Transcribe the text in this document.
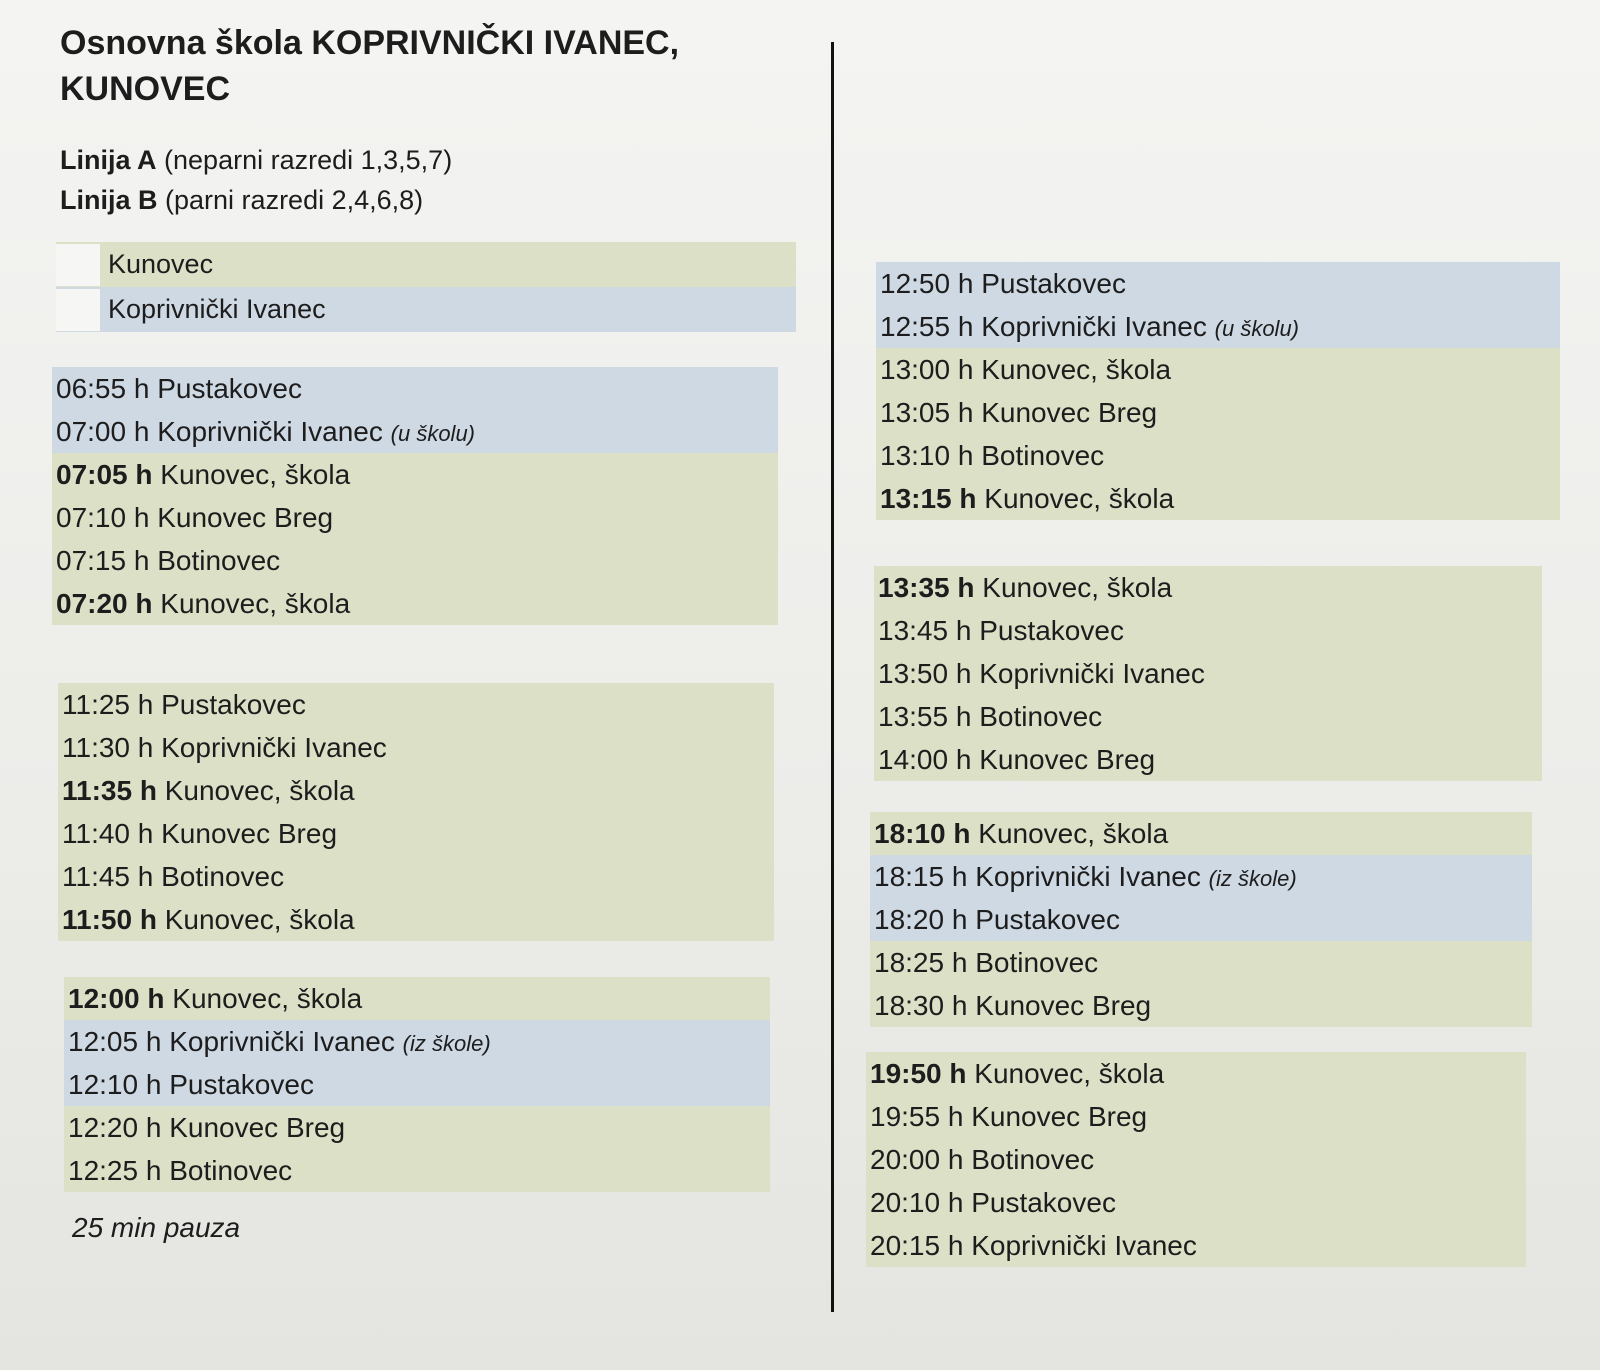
Osnovna škola KOPRIVNIČKI IVANEC,
KUNOVEC
Linija A (neparni razredi 1,3,5,7)
Linija B (parni razredi 2,4,6,8)
Kunovec
Koprivnički Ivanec
25 min pauza
06:55 h Pustakovec
07:00 h Koprivnički Ivanec (u školu)
07:05 h Kunovec, škola
07:10 h Kunovec Breg
07:15 h Botinovec
07:20 h Kunovec, škola
11:25 h Pustakovec
11:30 h Koprivnički Ivanec
11:35 h Kunovec, škola
11:40 h Kunovec Breg
11:45 h Botinovec
11:50 h Kunovec, škola
12:00 h Kunovec, škola
12:05 h Koprivnički Ivanec (iz škole)
12:10 h Pustakovec
12:20 h Kunovec Breg
12:25 h Botinovec
12:50 h Pustakovec
12:55 h Koprivnički Ivanec (u školu)
13:00 h Kunovec, škola
13:05 h Kunovec Breg
13:10 h Botinovec
13:15 h Kunovec, škola
13:35 h Kunovec, škola
13:45 h Pustakovec
13:50 h Koprivnički Ivanec
13:55 h Botinovec
14:00 h Kunovec Breg
18:10 h Kunovec, škola
18:15 h Koprivnički Ivanec (iz škole)
18:20 h Pustakovec
18:25 h Botinovec
18:30 h Kunovec Breg
19:50 h Kunovec, škola
19:55 h Kunovec Breg
20:00 h Botinovec
20:10 h Pustakovec
20:15 h Koprivnički Ivanec
